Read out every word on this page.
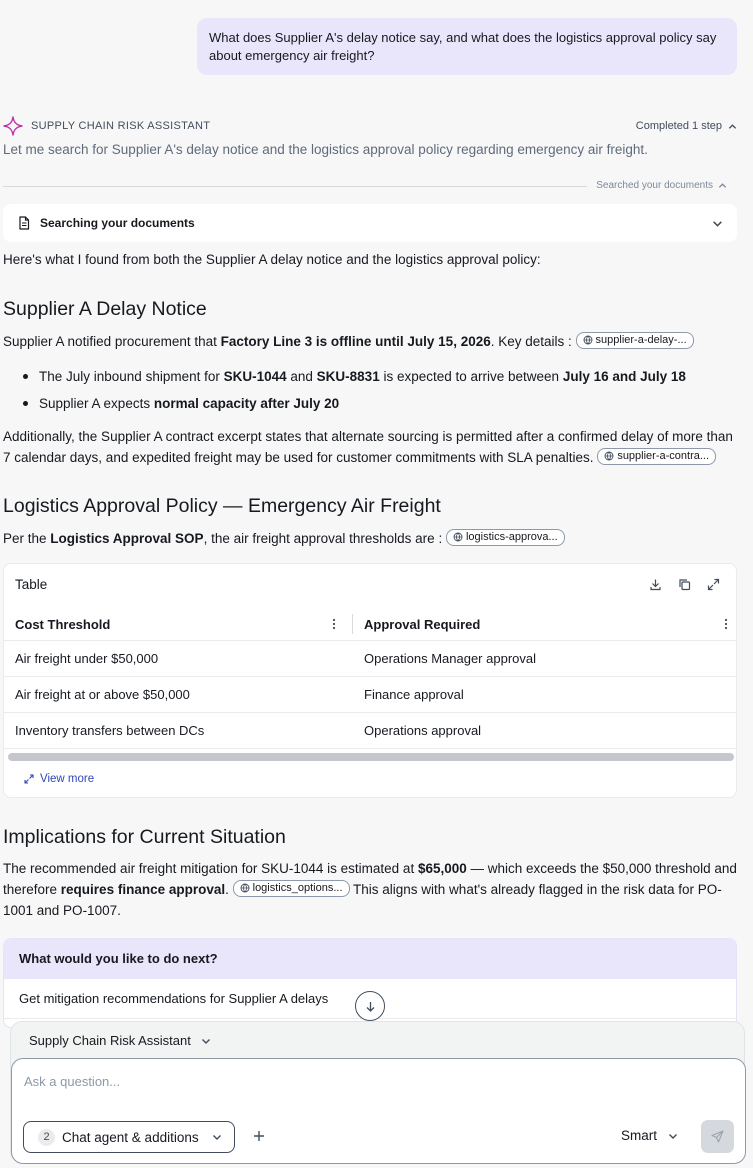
What does Supplier A's delay notice say, and what does the logistics approval policy say about emergency air freight?
SUPPLY CHAIN RISK ASSISTANT	Completed 1 step
Let me search for Supplier A's delay notice and the logistics approval policy regarding emergency air freight.
Searched your documents
Searching your documents
Here's what I found from both the Supplier A delay notice and the logistics approval policy:
Supplier A Delay Notice
Supplier A notified procurement that Factory Line 3 is offline until July 15, 2026. Key details : supplier-a-delay-...
The July inbound shipment for SKU-1044 and SKU-8831 is expected to arrive between July 16 and July 18
Supplier A expects normal capacity after July 20
Additionally, the Supplier A contract excerpt states that alternate sourcing is permitted after a confirmed delay of more than
7 calendar days, and expedited freight may be used for customer commitments with SLA penalties. supplier-a-contra...
Logistics Approval Policy — Emergency Air Freight
Per the Logistics Approval SOP, the air freight approval thresholds are : logistics-approva...
Table
Cost Threshold	Approval Required
Air freight under $50,000	Operations Manager approval
Air freight at or above $50,000	Finance approval
Inventory transfers between DCs	Operations approval
View more
Implications for Current Situation
The recommended air freight mitigation for SKU-1044 is estimated at $65,000 — which exceeds the $50,000 threshold and
therefore requires finance approval. logistics_options... This aligns with what's already flagged in the risk data for PO-
1001 and PO-1007.
What would you like to do next?
Get mitigation recommendations for Supplier A delays
Supply Chain Risk Assistant
Ask a question...
2 Chat agent & additions	Smart
